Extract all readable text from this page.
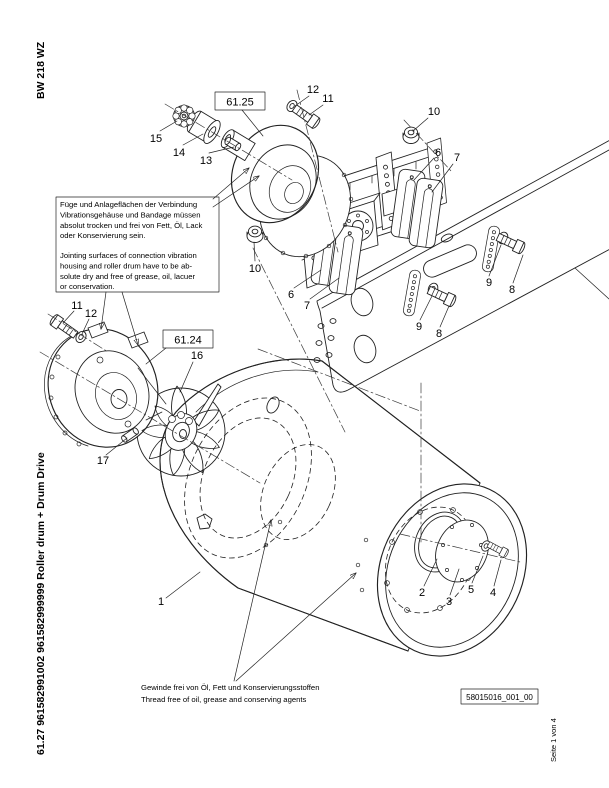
Füge und Anlageflächen der Verbindung
Vibrationsgehäuse und Bandage müssen
absolut trocken und frei von Fett, Öl, Lack
oder Konservierung sein.
Jointing surfaces of connection vibration
housing and roller drum have to be ab-
solute dry and free of grease, oil, lacuer
or conservation.
Gewinde frei von Öl, Fett und Konservierungsstoffen
Thread free of oil, grease and conserving agents
61.25
61.24
12
11
10
15
14
13
6 7
10
6
7
9
8
9
8
11
12
16
17
1
2
3
5 4
BW 218 WZ
61.27 961582991002 961582999999 Roller drum + Drum Drive	58015016_001_00
Seite 1 von 4
